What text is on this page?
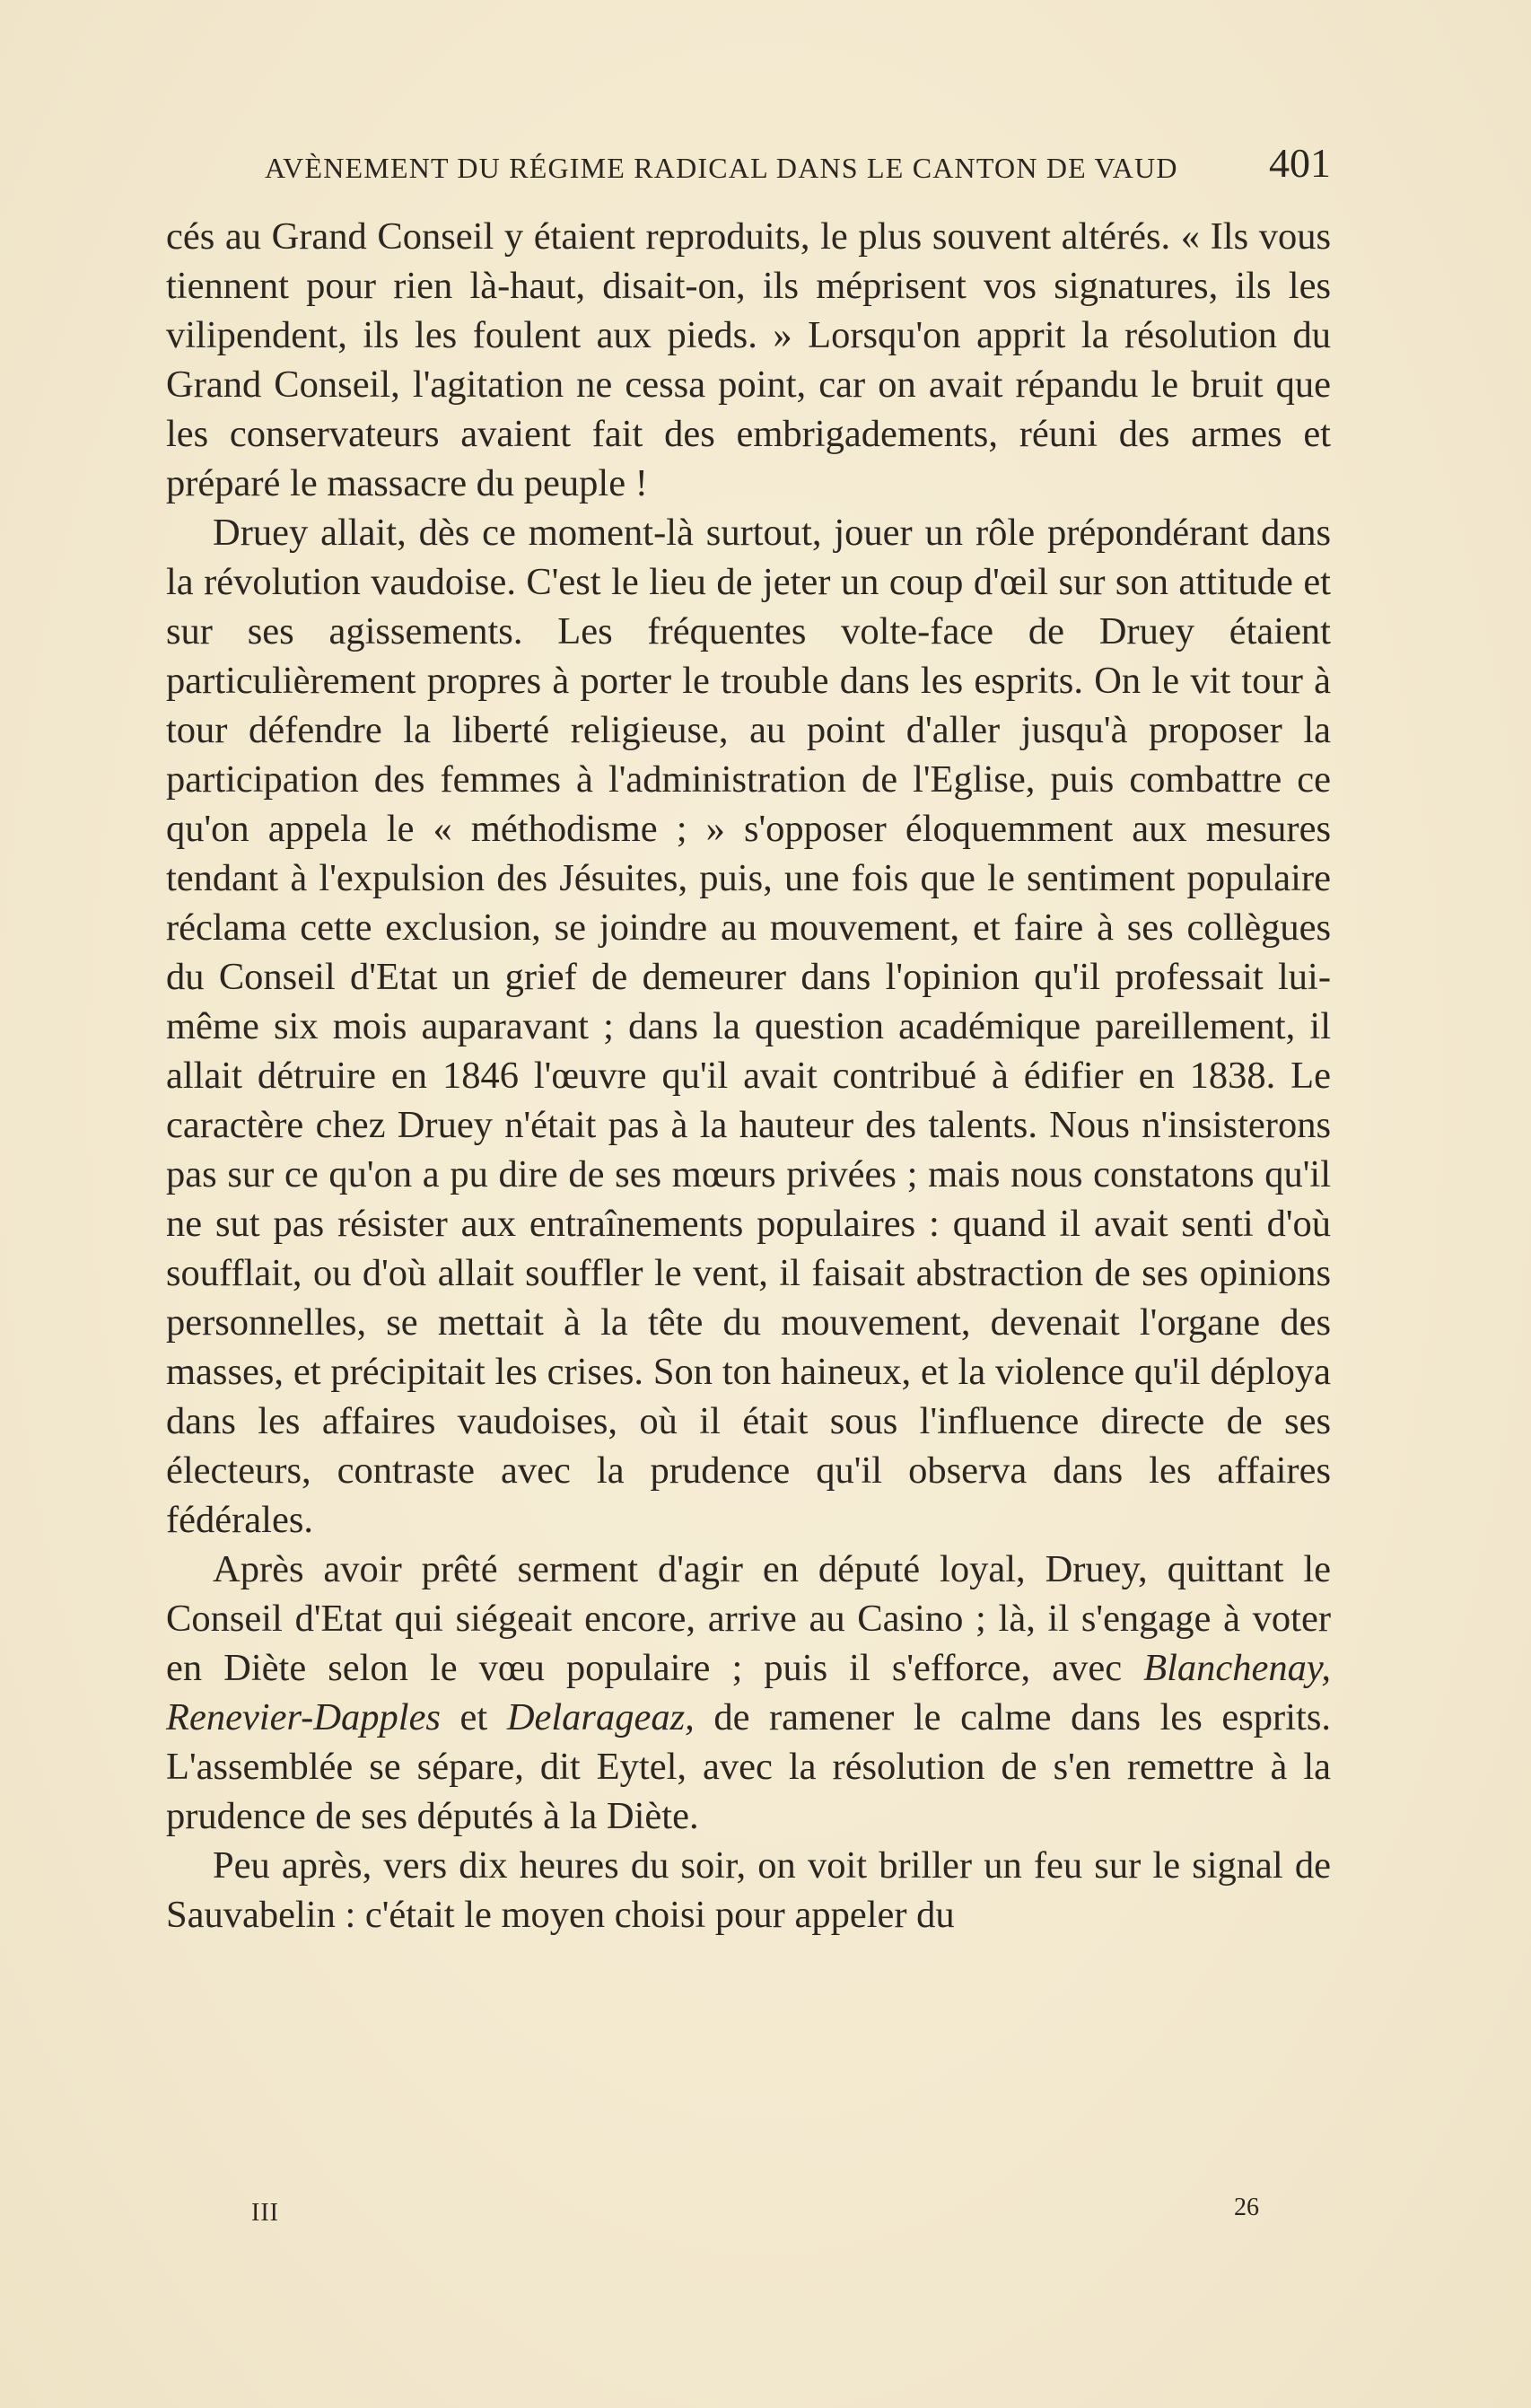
AVÈNEMENT DU RÉGIME RADICAL DANS LE CANTON DE VAUD 401

cés au Grand Conseil y étaient reproduits, le plus souvent altérés. « Ils vous tiennent pour rien là-haut, disait-on, ils méprisent vos signatures, ils les vilipendent, ils les foulent aux pieds. » Lorsqu'on apprit la résolution du Grand Conseil, l'agitation ne cessa point, car on avait répandu le bruit que les conservateurs avaient fait des embrigadements, réuni des armes et préparé le massacre du peuple !

Druey allait, dès ce moment-là surtout, jouer un rôle prépondérant dans la révolution vaudoise. C'est le lieu de jeter un coup d'œil sur son attitude et sur ses agissements. Les fréquentes volte-face de Druey étaient particulièrement propres à porter le trouble dans les esprits. On le vit tour à tour défendre la liberté religieuse, au point d'aller jusqu'à proposer la participation des femmes à l'administration de l'Eglise, puis combattre ce qu'on appela le « méthodisme ; » s'opposer éloquemment aux mesures tendant à l'expulsion des Jésuites, puis, une fois que le sentiment populaire réclama cette exclusion, se joindre au mouvement, et faire à ses collègues du Conseil d'Etat un grief de demeurer dans l'opinion qu'il professait lui-même six mois auparavant ; dans la question académique pareillement, il allait détruire en 1846 l'œuvre qu'il avait contribué à édifier en 1838. Le caractère chez Druey n'était pas à la hauteur des talents. Nous n'insisterons pas sur ce qu'on a pu dire de ses mœurs privées ; mais nous constatons qu'il ne sut pas résister aux entraînements populaires : quand il avait senti d'où soufflait, ou d'où allait souffler le vent, il faisait abstraction de ses opinions personnelles, se mettait à la tête du mouvement, devenait l'organe des masses, et précipitait les crises. Son ton haineux, et la violence qu'il déploya dans les affaires vaudoises, où il était sous l'influence directe de ses électeurs, contraste avec la prudence qu'il observa dans les affaires fédérales.

Après avoir prêté serment d'agir en député loyal, Druey, quittant le Conseil d'Etat qui siégeait encore, arrive au Casino ; là, il s'engage à voter en Diète selon le vœu populaire ; puis il s'efforce, avec Blanchenay, Renevier-Dapples et Delarageaz, de ramener le calme dans les esprits. L'assemblée se sépare, dit Eytel, avec la résolution de s'en remettre à la prudence de ses députés à la Diète.

Peu après, vers dix heures du soir, on voit briller un feu sur le signal de Sauvabelin : c'était le moyen choisi pour appeler du

III	26
